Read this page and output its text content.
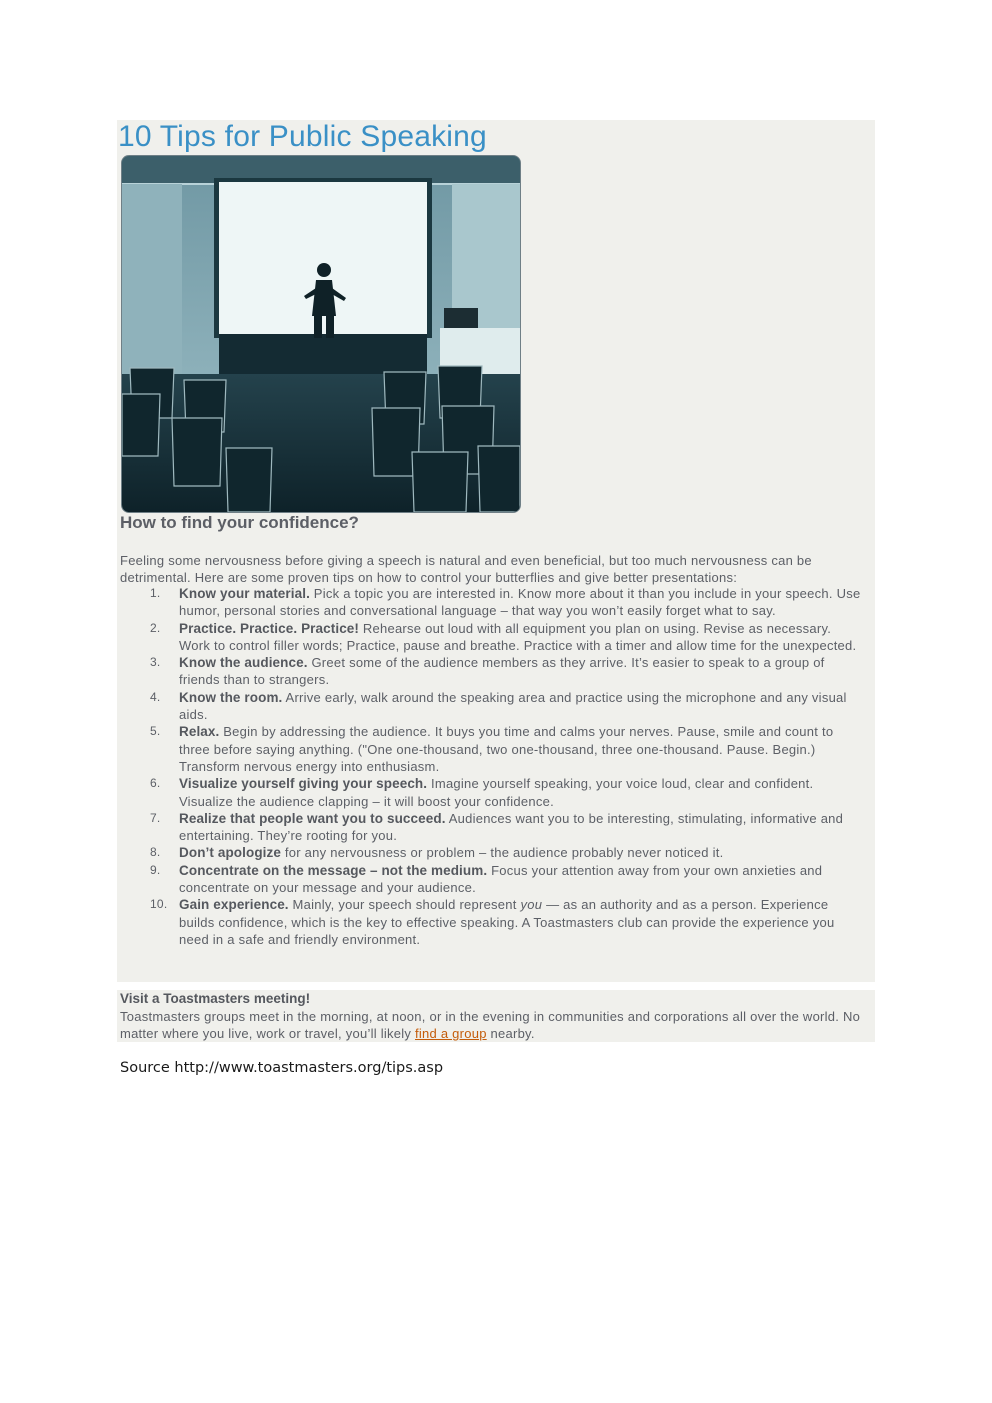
10 Tips for Public Speaking
How to find your confidence?

Feeling some nervousness before giving a speech is natural and even beneficial, but too much nervousness can be detrimental. Here are some proven tips on how to control your butterflies and give better presentations:

1.	Know your material. Pick a topic you are interested in. Know more about it than you include in your speech. Use humor, personal stories and conversational language – that way you won’t easily forget what to say.
2.	Practice. Practice. Practice! Rehearse out loud with all equipment you plan on using. Revise as necessary. Work to control filler words; Practice, pause and breathe. Practice with a timer and allow time for the unexpected.
3.	Know the audience. Greet some of the audience members as they arrive. It’s easier to speak to a group of friends than to strangers.
4.	Know the room. Arrive early, walk around the speaking area and practice using the microphone and any visual aids.
5.	Relax. Begin by addressing the audience. It buys you time and calms your nerves. Pause, smile and count to three before saying anything. ("One one-thousand, two one-thousand, three one-thousand. Pause. Begin.) Transform nervous energy into enthusiasm.
6.	Visualize yourself giving your speech. Imagine yourself speaking, your voice loud, clear and confident. Visualize the audience clapping – it will boost your confidence.
7.	Realize that people want you to succeed. Audiences want you to be interesting, stimulating, informative and entertaining. They’re rooting for you.
8.	Don’t apologize for any nervousness or problem – the audience probably never noticed it.
9.	Concentrate on the message – not the medium. Focus your attention away from your own anxieties and concentrate on your message and your audience.
10. Gain experience. Mainly, your speech should represent you — as an authority and as a person. Experience builds confidence, which is the key to effective speaking. A Toastmasters club can provide the experience you need in a safe and friendly environment.

Visit a Toastmasters meeting!

Toastmasters groups meet in the morning, at noon, or in the evening in communities and corporations all over the world. No matter where you live, work or travel, you’ll likely find a group nearby.

Source http://www.toastmasters.org/tips.asp
